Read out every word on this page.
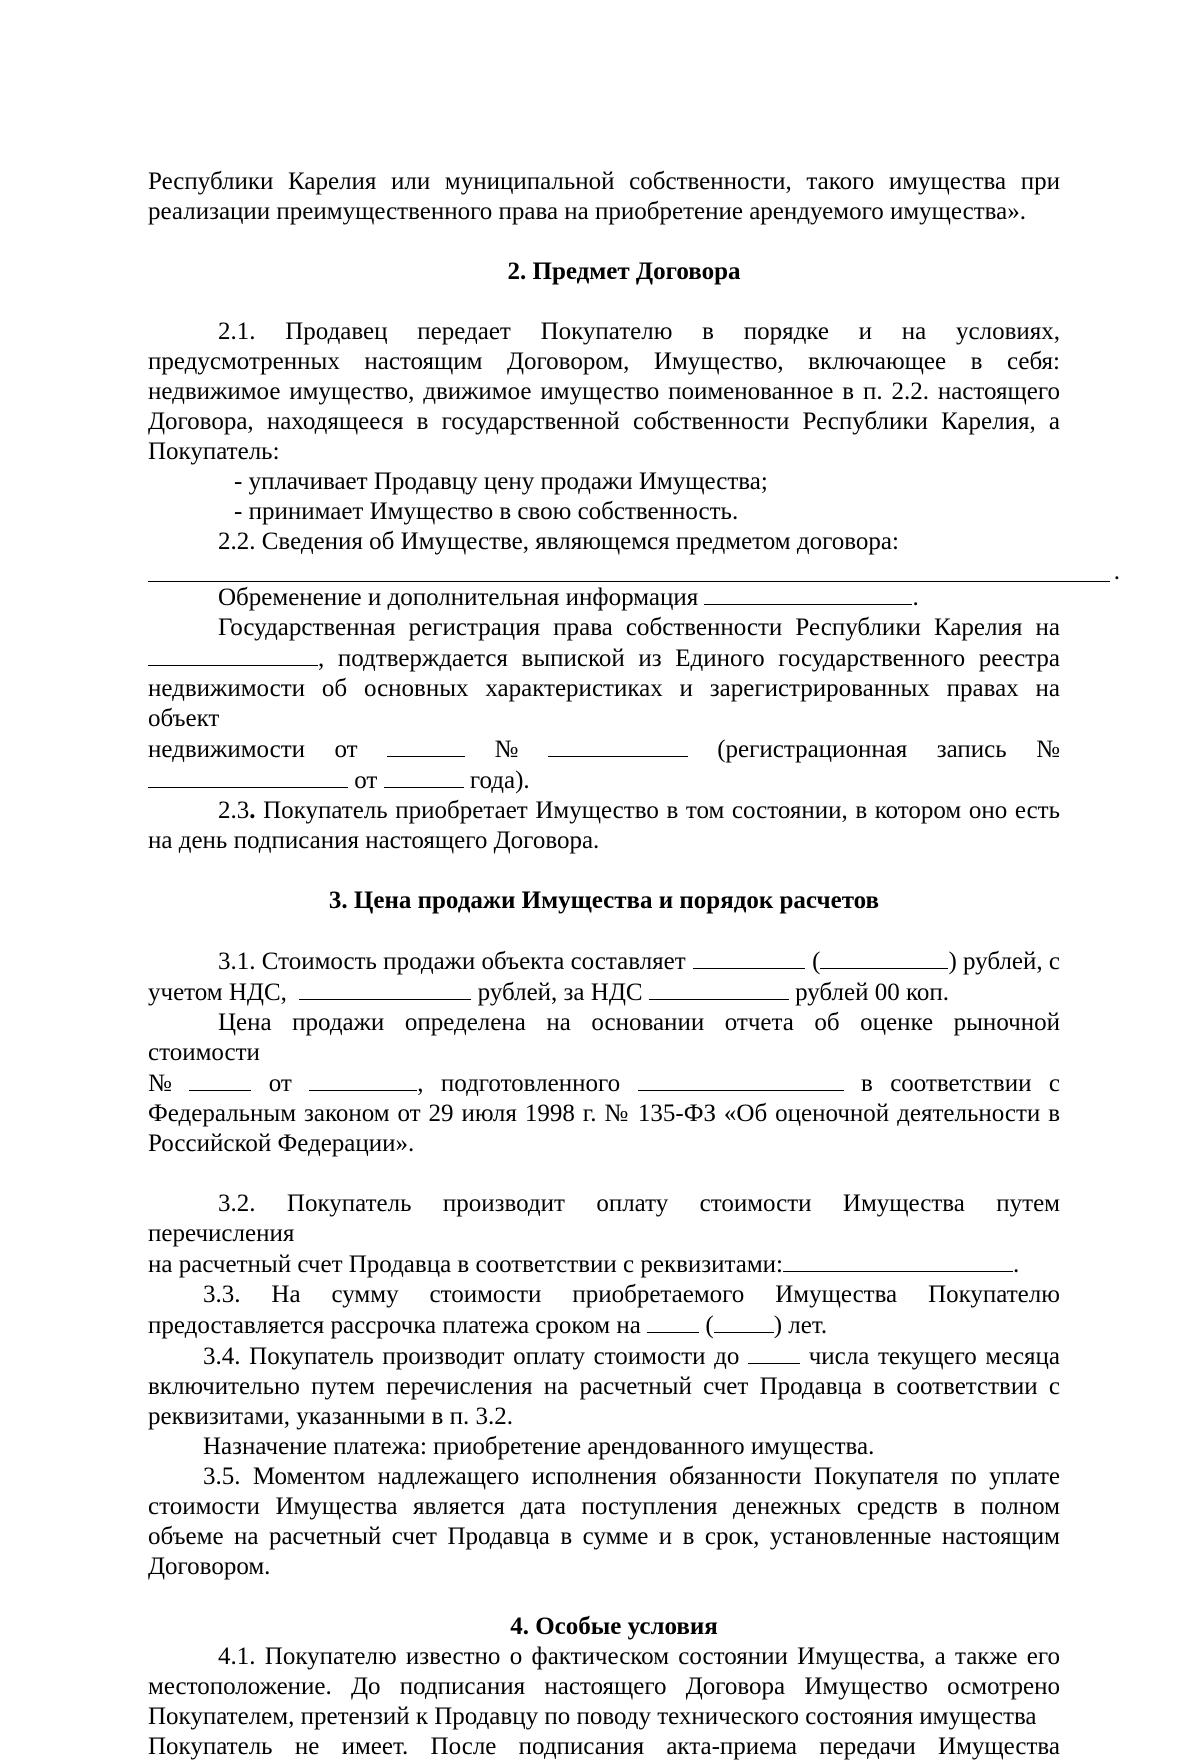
Республики Карелия или муниципальной собственности, такого имущества при

реализации преимущественного права на приобретение арендуемого имущества».

2. Предмет Договора

2.1. Продавец передает Покупателю в порядке и на условиях, предусмотренных настоящим Договором, Имущество, включающее в себя: недвижимое имущество, движимое имущество поименованное в п. 2.2. настоящего Договора, находящееся в государственной собственности Республики Карелия, а Покупатель:

- уплачивает Продавцу цену продажи Имущества;

- принимает Имущество в свою собственность.

2.2. Сведения об Имуществе, являющемся предметом договора:

.

Обременение и дополнительная информация	.

Государственная регистрация права собственности Республики Карелия на

, подтверждается выпиской из Единого государственного реестра недвижимости об основных характеристиках и зарегистрированных правах на объект

недвижимости от	№	(регистрационная запись №

от	года).

2.3. Покупатель приобретает Имущество в том состоянии, в котором оно есть на день подписания настоящего Договора.

3. Цена продажи Имущества и порядок расчетов
3.1. Стоимость продажи объекта составляет	(	) рублей, с

учетом НДС,	рублей, за НДС	рублей 00 коп.

Цена продажи определена на основании отчета об оценке рыночной стоимости

№	от	, подготовленного	в соответствии с

Федеральным законом от 29 июля 1998 г. № 135-ФЗ «Об оценочной деятельности в Российской Федерации».

3.2. Покупатель производит оплату стоимости Имущества путем перечисления

на расчетный счет Продавца в соответствии с реквизитами:	.

3.3. На сумму стоимости приобретаемого Имущества Покупателю

предоставляется рассрочка платежа сроком на	( ) лет.

3.4. Покупатель производит оплату стоимости до	числа текущего месяца включительно путем перечисления на расчетный счет Продавца в соответствии с реквизитами, указанными в п. 3.2.

Назначение платежа: приобретение арендованного имущества.

3.5. Моментом надлежащего исполнения обязанности Покупателя по уплате стоимости Имущества является дата поступления денежных средств в полном объеме на расчетный счет Продавца в сумме и в срок, установленные настоящим Договором.

4. Особые условия

4.1. Покупателю известно о фактическом состоянии Имущества, а также его местоположение. До подписания настоящего Договора Имущество осмотрено Покупателем, претензий к Продавцу по поводу технического состояния имущества

Покупатель не имеет. После подписания акта-приема передачи Имущества
